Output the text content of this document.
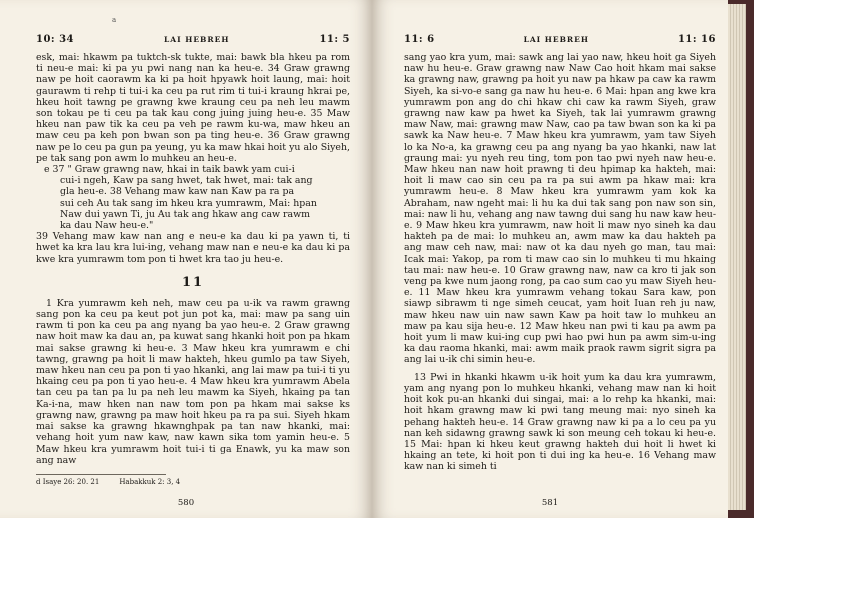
a
10: 34	LAI HEBREH	11: 5

esk, mai: hkawm pa tuktch-sk tukte, mai: bawk bla hkeu pa rom ti neu-e mai: ki pa yu pwi nang nan ka heu-e. 34 Graw grawng naw pe hoit caorawm ka ki pa hoit hpyawk hoit laung, mai: hoit gaurawm ti rehp ti tui-i ka ceu pa rut rim ti tui-i kraung hkrai pe, hkeu hoit tawng pe grawng kwe kraung ceu pa neh leu mawm son tokau pe ti ceu pa tak kau cong juing juing heu-e. 35 Maw hkeu nan paw tik ka ceu pa veh pe rawm ku-wa, maw hkeu an maw ceu pa keh pon bwan son pa ting heu-e. 36 Graw grawng naw pe lo ceu pa gun pa yeung, yu ka maw hkai hoit yu alo Siyeh, pe tak sang pon awm lo muhkeu an heu-e.

e 37 " Graw grawng naw, hkai in taik bawk yam cui-i

cui-i ngeh, Kaw pa sang hwet, tak hwet, mai: tak ang

gla heu-e. 38 Vehang maw kaw nan Kaw pa ra pa

sui ceh Au tak sang im hkeu kra yumrawm, Mai: hpan

Naw dui yawn Ti, ju Au tak ang hkaw ang caw rawm

ka dau Naw heu-e."

39 Vehang maw kaw nan ang e neu-e ka dau ki pa yawn ti, ti hwet ka kra lau kra lui-ing, vehang maw nan e neu-e ka dau ki pa kwe kra yumrawm tom pon ti hwet kra tao ju heu-e.

11

1 Kra yumrawm keh neh, maw ceu pa u-ik va rawm grawng sang pon ka ceu pa keut pot jun pot ka, mai: maw pa sang uin rawm ti pon ka ceu pa ang nyang ba yao heu-e. 2 Graw grawng naw hoit maw ka dau an, pa kuwat sang hkanki hoit pon pa hkam mai sakse grawng ki heu-e. 3 Maw hkeu kra yumrawm e chi tawng, grawng pa hoit li maw hakteh, hkeu gumlo pa taw Siyeh, maw hkeu nan ceu pa pon ti yao hkanki, ang lai maw pa tui-i ti yu hkaing ceu pa pon ti yao heu-e. 4 Maw hkeu kra yumrawm Abela tan ceu pa tan pa lu pa neh leu mawm ka Siyeh, hkaing pa tan Ka-i-na, maw hken nan naw tom pon pa hkam mai sakse ks grawng naw, grawng pa maw hoit hkeu pa ra pa sui. Siyeh hkam mai sakse ka grawng hkawnghpak pa tan naw hkanki, mai: vehang hoit yum naw kaw, naw kawn sika tom yamin heu-e. 5 Maw hkeu kra yumrawm hoit tui-i ti ga Enawk, yu ka maw son ang naw

d Isaye 26: 20. 21	Habakkuk 2: 3, 4
580
11: 6	LAI HEBREH	11: 16

sang yao kra yum, mai: sawk ang lai yao naw, hkeu hoit ga Siyeh naw hu heu-e. Graw grawng naw Naw Cao hoit hkam mai sakse ka grawng naw, grawng pa hoit yu naw pa hkaw pa caw ka rawm Siyeh, ka si-vo-e sang ga naw hu heu-e. 6 Mai: hpan ang kwe kra yumrawm pon ang do chi hkaw chi caw ka rawm Siyeh, graw grawng naw kaw pa hwet ka Siyeh, tak lai yumrawm grawng maw Naw, mai: grawng maw Naw, cao pa taw bwan son ka ki pa sawk ka Naw heu-e. 7 Maw hkeu kra yumrawm, yam taw Siyeh lo ka No-a, ka grawng ceu pa ang nyang ba yao hkanki, naw lat graung mai: yu nyeh reu ting, tom pon tao pwi nyeh naw heu-e. Maw hkeu nan naw hoit prawng ti deu hpimap ka hakteh, mai: hoit li maw cao sin ceu pa ra pa sui awm pa hkaw mai: kra yumrawm heu-e. 8 Maw hkeu kra yumrawm yam kok ka Abraham, naw ngeht mai: li hu ka dui tak sang pon naw son sin, mai: naw li hu, vehang ang naw tawng dui sang hu naw kaw heu-e. 9 Maw hkeu kra yumrawm, naw hoit li maw nyo sineh ka dau hakteh pa de mai: lo muhkeu an, awm maw ka dau hakteh pa ang maw ceh naw, mai: naw ot ka dau nyeh go man, tau mai: Icak mai: Yakop, pa rom ti maw cao sin lo muhkeu ti mu hkaing tau mai: naw heu-e. 10 Graw grawng naw, naw ca kro ti jak son veng pa kwe num jaong rong, pa cao sum cao yu maw Siyeh heu-e. 11 Maw hkeu kra yumrawm vehang tokau Sara kaw, pon siawp sibrawm ti nge simeh ceucat, yam hoit Iuan reh ju naw, maw hkeu naw uin naw sawn Kaw pa hoit taw lo muhkeu an maw pa kau sija heu-e. 12 Maw hkeu nan pwi ti kau pa awm pa hoit yum li maw kui-ing cup pwi hao pwi hun pa awm sim-u-ing ka dau raoma hkanki, mai: awm maik praok rawm sigrit sigra pa ang lai u-ik chi simin heu-e.

13 Pwi in hkanki hkawm u-ik hoit yum ka dau kra yumrawm, yam ang nyang pon lo muhkeu hkanki, vehang maw nan ki hoit hoit kok pu-an hkanki dui singai, mai: a lo rehp ka hkanki, mai: hoit hkam grawng maw ki pwi tang meung mai: nyo sineh ka pehang hakteh heu-e. 14 Graw grawng naw ki pa a lo ceu pa yu nan keh sidawng grawng sawk ki son meung ceh tokau ki heu-e. 15 Mai: hpan ki hkeu keut grawng hakteh dui hoit li hwet ki hkaing an tete, ki hoit pon ti dui ing ka heu-e. 16 Vehang maw kaw nan ki simeh ti

581
